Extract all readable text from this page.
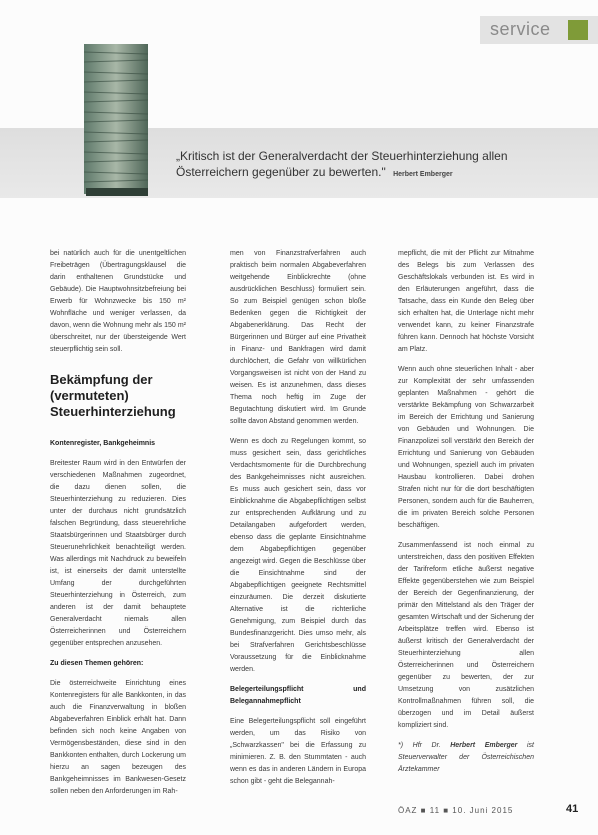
service
„Kritisch ist der Generalverdacht der Steuerhinterziehung allen Österreichern gegenüber zu bewerten." Herbert Emberger

bei natürlich auch für die unentgeltlichen Freibeträgen (Übertragungsklausel die darin enthaltenen Grundstücke und Gebäude). Die Hauptwohnsitzbefreiung bei Erwerb für Wohnzwecke bis 150 m² Wohnfläche und weniger verlassen, da davon, wenn die Wohnung mehr als 150 m² überschreitet, nur der übersteigende Wert steuerpflichtig sein soll.

Bekämpfung der (vermuteten) Steuerhinterziehung

Kontenregister, Bankgeheimnis

Breitester Raum wird in den Entwürfen der verschiedenen Maßnahmen zugeordnet, die dazu dienen sollen, die Steuerhinterziehung zu reduzieren. Dies unter der durchaus nicht grundsätzlich falschen Begründung, dass steuerehrliche Staatsbürgerinnen und Staatsbürger durch Steuerunehrlichkeit benachteiligt werden. Was allerdings mit Nachdruck zu beweifeln ist, ist einerseits der damit unterstellte Umfang der durchgeführten Steuerhinterziehung in Österreich, zum anderen ist der damit behauptete Generalverdacht niemals allen Österreicherinnen und Österreichern gegenüber entsprechen anzusehen.

Zu diesen Themen gehören:

Die österreichweite Einrichtung eines Kontenregisters für alle Bankkonten, in das auch die Finanzverwaltung in bloßen Abgabeverfahren Einblick erhält hat. Dann befinden sich noch keine Angaben von Vermögensbeständen, diese sind in den Bankkonten enthalten, durch Lockerung um hierzu an sagen bezeugen des Bankgeheimnisses im Bankwesen-Gesetz sollen neben den Anforderungen im Rah-

men von Finanzstrafverfahren auch praktisch beim normalen Abgabeverfahren weitgehende Einblickrechte (ohne ausdrücklichen Beschluss) formuliert sein. So zum Beispiel genügen schon bloße Bedenken gegen die Richtigkeit der Abgabenerklärung. Das Recht der Bürgerinnen und Bürger auf eine Privatheit in Finanz- und Bankfragen wird damit durchlöchert, die Gefahr von willkürlichen Vorgangsweisen ist nicht von der Hand zu weisen. Es ist anzunehmen, dass dieses Thema noch heftig im Zuge der Begutachtung diskutiert wird. Im Grunde sollte davon Abstand genommen werden.

Wenn es doch zu Regelungen kommt, so muss gesichert sein, dass gerichtliches Verdachtsmomente für die Durchbrechung des Bankgeheimnisses nicht ausreichen. Es muss auch gesichert sein, dass vor Einblicknahme die Abgabepflichtigen selbst zur entsprechenden Aufklärung und zu Detailangaben aufgefordert werden, ebenso dass die geplante Einsichtnahme dem Abgabepflichtigen gegenüber angezeigt wird. Gegen die Beschlüsse über die Einsichtnahme sind der Abgabepflichtigen geeignete Rechtsmittel einzuräumen. Die derzeit diskutierte Alternative ist die richterliche Genehmigung, zum Beispiel durch das Bundesfinanzgericht. Dies umso mehr, als bei Strafverfahren Gerichtsbeschlüsse Voraussetzung für die Einblicknahme werden.

Belegerteilungspflicht und Belegannahmepflicht

Eine Belegerteilungspflicht soll eingeführt werden, um das Risiko von „Schwarzkassen" bei die Erfassung zu minimieren. Z. B. den Stummtaten - auch wenn es das in anderen Ländern in Europa schon gibt - geht die Belegannah-

mepflicht, die mit der Pflicht zur Mitnahme des Belegs bis zum Verlassen des Geschäftslokals verbunden ist. Es wird in den Erläuterungen angeführt, dass die Tatsache, dass ein Kunde den Beleg über sich erhalten hat, die Unterlage nicht mehr verwendet kann, zu keiner Finanzstrafe führen kann. Dennoch hat höchste Vorsicht am Platz.

Wenn auch ohne steuerlichen Inhalt - aber zur Komplexität der sehr umfassenden geplanten Maßnahmen - gehört die verstärkte Bekämpfung von Schwarzarbeit im Bereich der Errichtung und Sanierung von Gebäuden und Wohnungen. Die Finanzpolizei soll verstärkt den Bereich der Errichtung und Sanierung von Gebäuden und Wohnungen, speziell auch im privaten Hausbau kontrollieren. Dabei drohen Strafen nicht nur für die dort beschäftigten Personen, sondern auch für die Bauherren, die im privaten Bereich solche Personen beschäftigen.

Zusammenfassend ist noch einmal zu unterstreichen, dass den positiven Effekten der Tarifreform etliche äußerst negative Effekte gegenüberstehen wie zum Beispiel der Bereich der Gegenfinanzierung, der primär den Mittelstand als den Träger der gesamten Wirtschaft und der Sicherung der Arbeitsplätze treffen wird. Ebenso ist äußerst kritisch der Generalverdacht der Steuerhinterziehung allen Österreicherinnen und Österreichern gegenüber zu bewerten, der zur Umsetzung von zusätzlichen Kontrollmaßnahmen führen soll, die überzogen und im Detail äußerst kompliziert sind.

*) Hfr Dr. Herbert Emberger ist Steuerverwalter der Österreichischen Ärztekammer

ÖAZ ■ 11 ■ 10. Juni 2015	41
